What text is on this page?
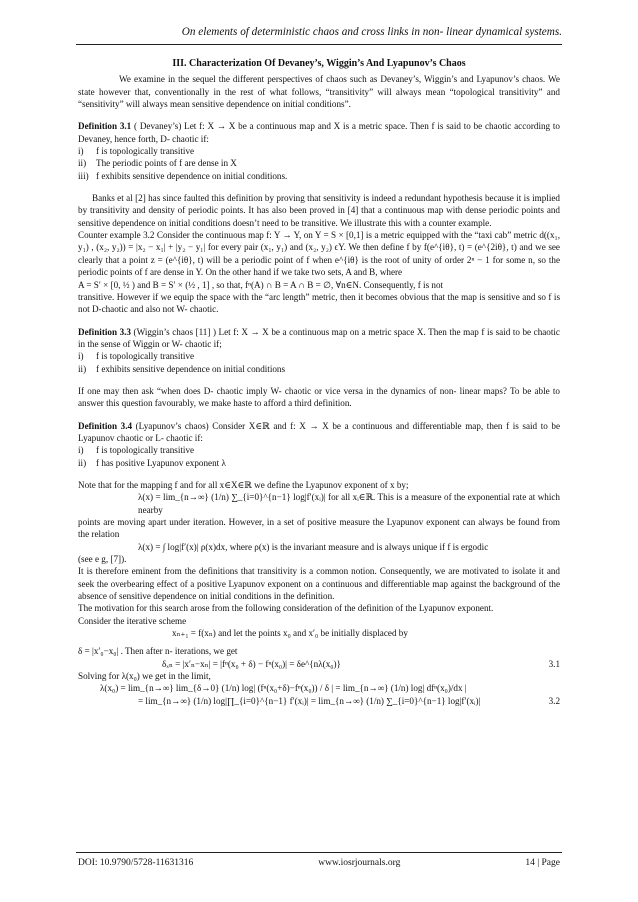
On elements of deterministic chaos and cross links in non- linear dynamical systems.

III. Characterization Of Devaney’s, Wiggin’s And Lyapunov’s Chaos

We examine in the sequel the different perspectives of chaos such as Devaney’s, Wiggin’s and Lyapunov’s chaos. We state however that, conventionally in the rest of what follows, “transitivity” will always mean “topological transitivity” and “sensitivity” will always mean sensitive dependence on initial conditions”.

Definition 3.1 ( Devaney’s) Let f: X → X be a continuous map and X is a metric space. Then f is said to be chaotic according to Devaney, hence forth, D- chaotic if:

i)	f is topologically transitive
ii)	The periodic points of f are dense in X
iii) f exhibits sensitive dependence on initial conditions.

Banks et al [2] has since faulted this definition by proving that sensitivity is indeed a redundant hypothesis because it is implied by transitivity and density of periodic points. It has also been proved in [4] that a continuous map with dense periodic points and sensitive dependence on initial conditions doesn’t need to be transitive. We illustrate this with a counter example.

Counter example 3.2 Consider the continuous map f: Y → Y, on Y = S × [0,1] is a metric equipped with the “taxi cab” metric d((x₁, y₁) , (x₂, y₂)) = |x₂ − x₁| + |y₂ − y₁| for every pair (x₁, y₁) and (x₂, y₂) ϵY. We then define f by f(e^{iθ}, t) = (e^{2iθ}, t) and we see clearly that a point z = (e^{iθ}, t) will be a periodic point of f when e^{iθ} is the root of unity of order 2ⁿ − 1 for some n, so the periodic points of f are dense in Y. On the other hand if we take two sets, A and B, where

A = S′ × [0, ½ ) and B = S′ × (½ , 1] , so that, fⁿ(A) ∩ B = A ∩ B = ∅, ∀n∈N. Consequently, f is not

transitive. However if we equip the space with the “arc length” metric, then it becomes obvious that the map is sensitive and so f is not D-chaotic and also not W- chaotic.

Definition 3.3 (Wiggin’s chaos [11] ) Let f: X → X be a continuous map on a metric space X. Then the map f is said to be chaotic in the sense of Wiggin or W- chaotic if;

i)	f is topologically transitive
ii)	f exhibits sensitive dependence on initial conditions

If one may then ask “when does D- chaotic imply W- chaotic or vice versa in the dynamics of non- linear maps? To be able to answer this question favourably, we make haste to afford a third definition.

Definition 3.4 (Lyapunov’s chaos) Consider X∈ℝ and f: X → X be a continuous and differentiable map, then f is said to be Lyapunov chaotic or L- chaotic if:

i)	f is topologically transitive
ii)	f has positive Lyapunov exponent λ

Note that for the mapping f and for all x∈X∈ℝ we define the Lyapunov exponent of x by;

λ(x) = lim_{n→∞} (1/n) ∑_{i=0}^{n−1} log|f′(xᵢ)| for all xᵢ∈ℝ. This is a measure of the exponential rate at which nearby

points are moving apart under iteration. However, in a set of positive measure the Lyapunov exponent can always be found from the relation

λ(x) = ∫ log|f′(x)| ρ(x)dx, where ρ(x) is the invariant measure and is always unique if f is ergodic

(see e g, [7]).

It is therefore eminent from the definitions that transitivity is a common notion. Consequently, we are motivated to isolate it and seek the overbearing effect of a positive Lyapunov exponent on a continuous and differentiable map against the background of the absence of sensitive dependence on initial conditions in the definition.

The motivation for this search arose from the following consideration of the definition of the Lyapunov exponent.

Consider the iterative scheme

xₙ₊₁ = f(xₙ) and let the points x₀ and x′₀ be initially displaced by

δ = |x′₀−x₀| . Then after n- iterations, we get

δₓₙ = |x′ₙ−xₙ| = |fⁿ(x₀ + δ) − fⁿ(x₀)| = δe^{nλ(x₀)}	3.1

Solving for λ(x₀) we get in the limit,

λ(x₀) = lim_{n→∞} lim_{δ→0} (1/n) log| (fⁿ(x₀+δ)−fⁿ(x₀)) / δ | = lim_{n→∞} (1/n) log| dfⁿ(x₀)/dx |

= lim_{n→∞} (1/n) log|∏_{i=0}^{n−1} f′(xᵢ)| = lim_{n→∞} (1/n) ∑_{i=0}^{n−1} log|f′(xᵢ)|	3.2
DOI: 10.9790/5728-11631316	www.iosrjournals.org	14 | Page
